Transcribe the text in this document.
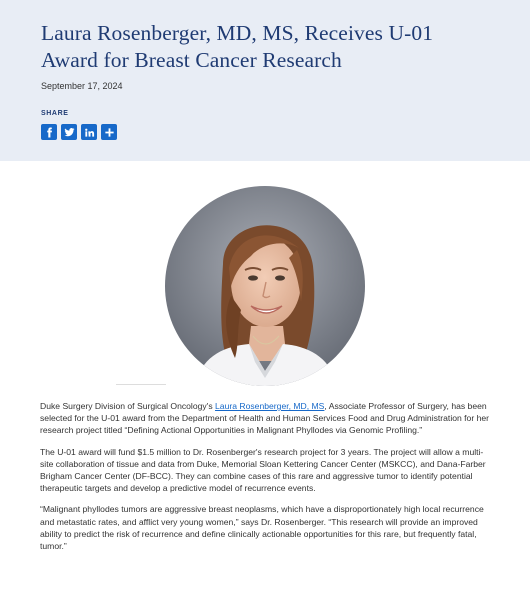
Laura Rosenberger, MD, MS, Receives U-01 Award for Breast Cancer Research
September 17, 2024
SHARE

Duke Surgery Division of Surgical Oncology's Laura Rosenberger, MD, MS, Associate Professor of Surgery, has been selected for the U-01 award from the Department of Health and Human Services Food and Drug Administration for her research project titled “Defining Actional Opportunities in Malignant Phyllodes via Genomic Profiling.”

The U-01 award will fund $1.5 million to Dr. Rosenberger's research project for 3 years. The project will allow a multi-site collaboration of tissue and data from Duke, Memorial Sloan Kettering Cancer Center (MSKCC), and Dana-Farber Brigham Cancer Center (DF-BCC). They can combine cases of this rare and aggressive tumor to identify potential therapeutic targets and develop a predictive model of recurrence events.

“Malignant phyllodes tumors are aggressive breast neoplasms, which have a disproportionately high local recurrence and metastatic rates, and afflict very young women,” says Dr. Rosenberger. “This research will provide an improved ability to predict the risk of recurrence and define clinically actionable opportunities for this rare, but frequently fatal, tumor.”
